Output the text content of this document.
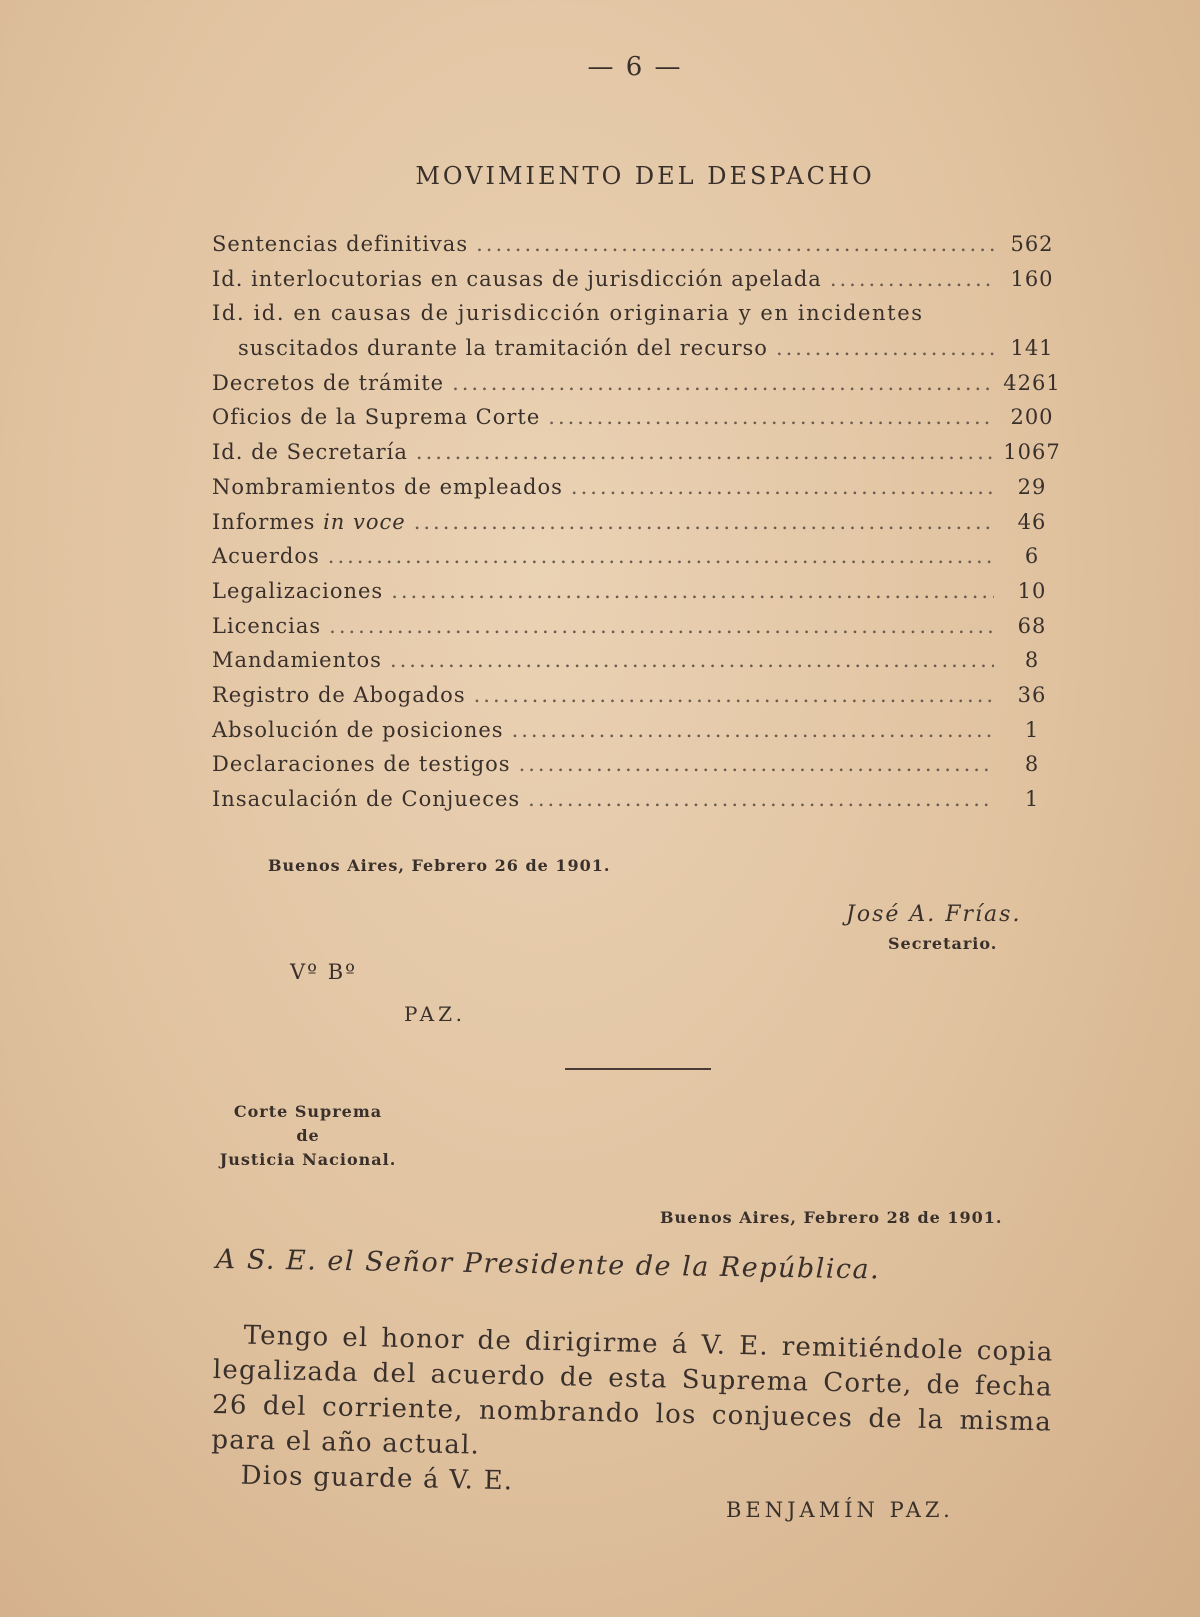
— 6 —
MOVIMIENTO DEL DESPACHO
Sentencias definitivas .....	562
Id. interlocutorias en causas de jurisdicción apelada .....	160
Id. id. en causas de jurisdicción originaria y en incidentes
suscitados durante la tramitación del recurso .....	141
Decretos de trámite .....	4261
Oficios de la Suprema Corte .....	200
Id. de Secretaría .....	1067
Nombramientos de empleados .....	29
Informes in voce .....	46
Acuerdos .....	6
Legalizaciones .....	10
Licencias .....	68
Mandamientos .....	8
Registro de Abogados .....	36
Absolución de posiciones .....	1
Declaraciones de testigos .....	8
Insaculación de Conjueces .....	1
Buenos Aires, Febrero 26 de 1901.
José A. Frías.
Secretario.
Vº Bº
PAZ.
Corte Suprema
de
Justicia Nacional.
Buenos Aires, Febrero 28 de 1901.
A S. E. el Señor Presidente de la República.

Tengo el honor de dirigirme á V. E. remitiéndole copia legalizada del acuerdo de esta Suprema Corte, de fecha 26 del corriente, nombrando los conjueces de la misma para el año actual.

Dios guarde á V. E.

BENJAMÍN PAZ.
